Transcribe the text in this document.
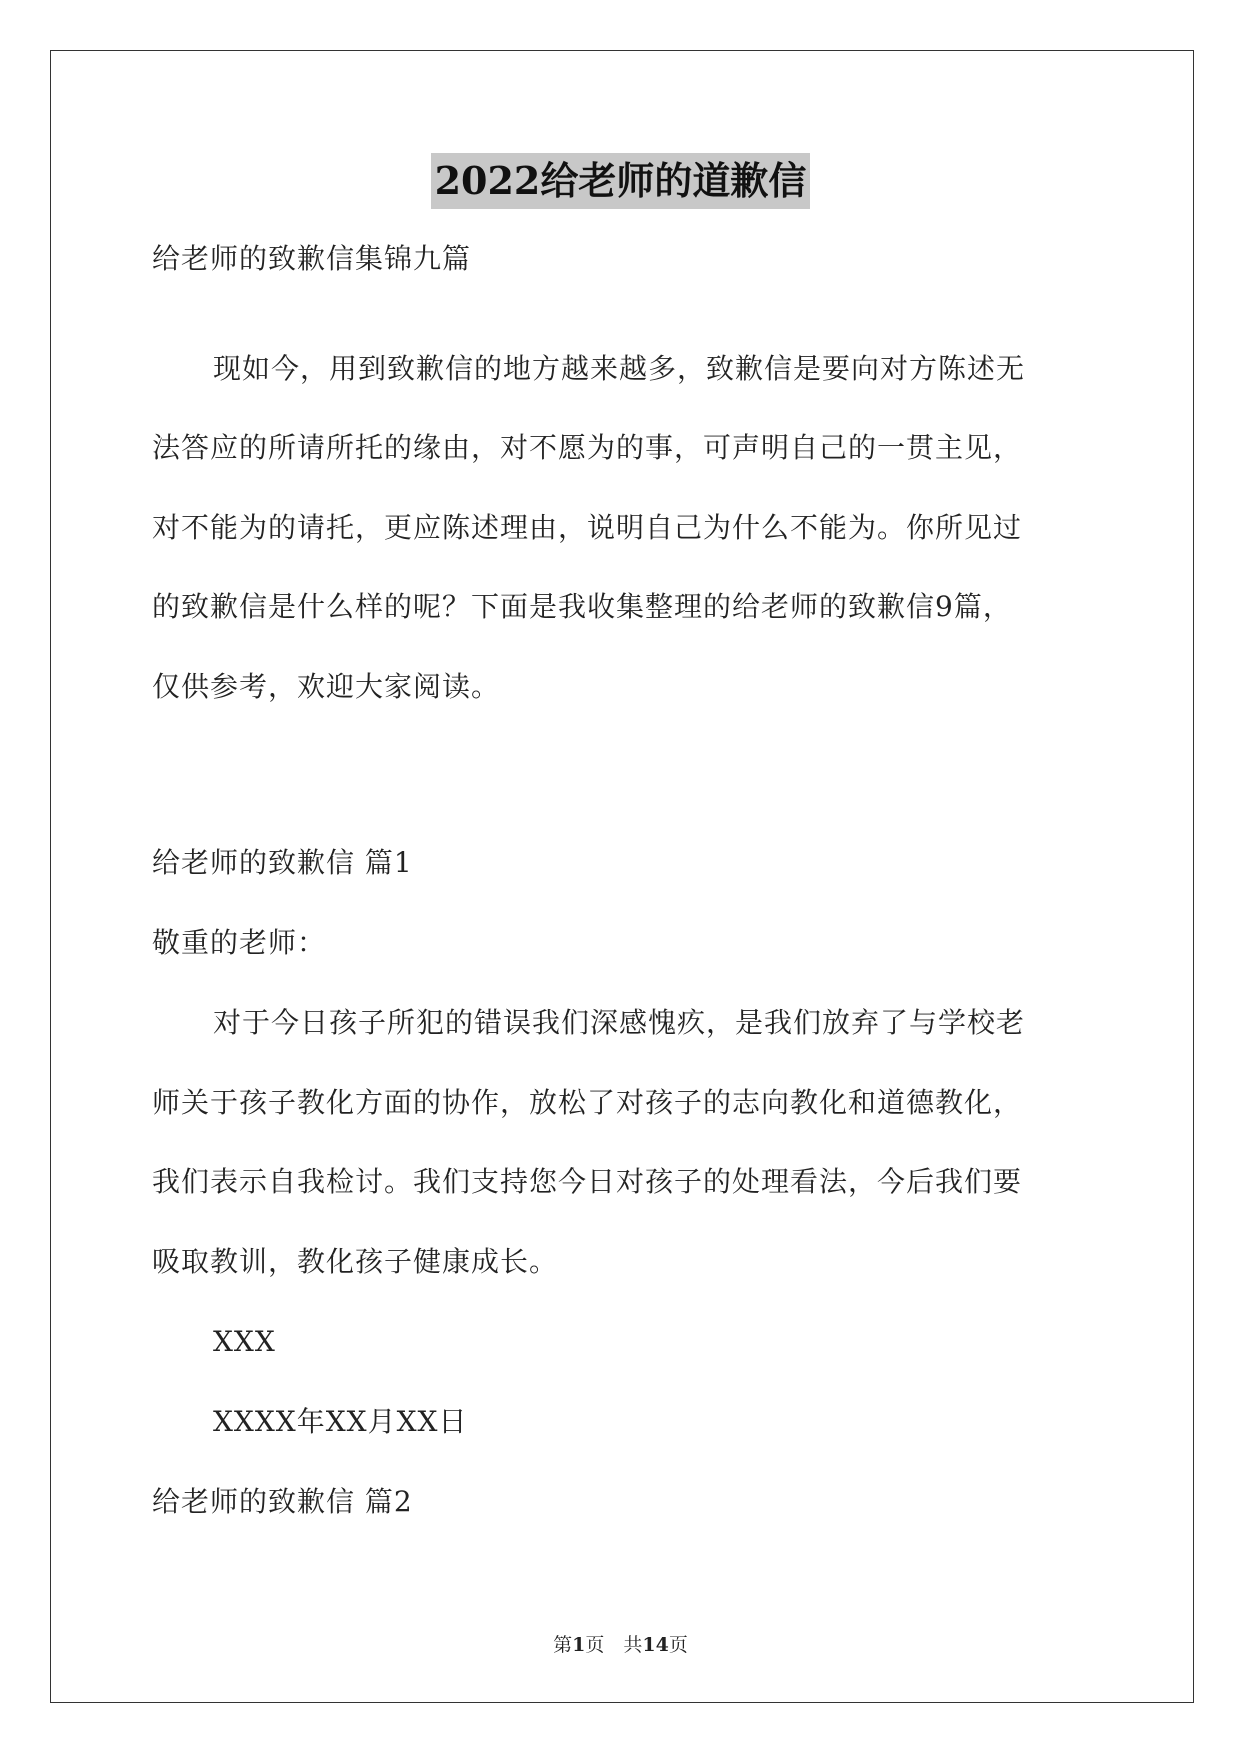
2022给老师的道歉信
给老师的致歉信集锦九篇
现如今，用到致歉信的地方越来越多，致歉信是要向对方陈述无
法答应的所请所托的缘由，对不愿为的事，可声明自己的一贯主见，
对不能为的请托，更应陈述理由，说明自己为什么不能为。你所见过
的致歉信是什么样的呢？下面是我收集整理的给老师的致歉信9篇，
仅供参考，欢迎大家阅读。
给老师的致歉信 篇1
敬重的老师：
对于今日孩子所犯的错误我们深感愧疚，是我们放弃了与学校老
师关于孩子教化方面的协作，放松了对孩子的志向教化和道德教化，
我们表示自我检讨。我们支持您今日对孩子的处理看法，今后我们要
吸取教训，教化孩子健康成长。
XXX
XXXX年XX月XX日
给老师的致歉信 篇2
第1页　共14页
